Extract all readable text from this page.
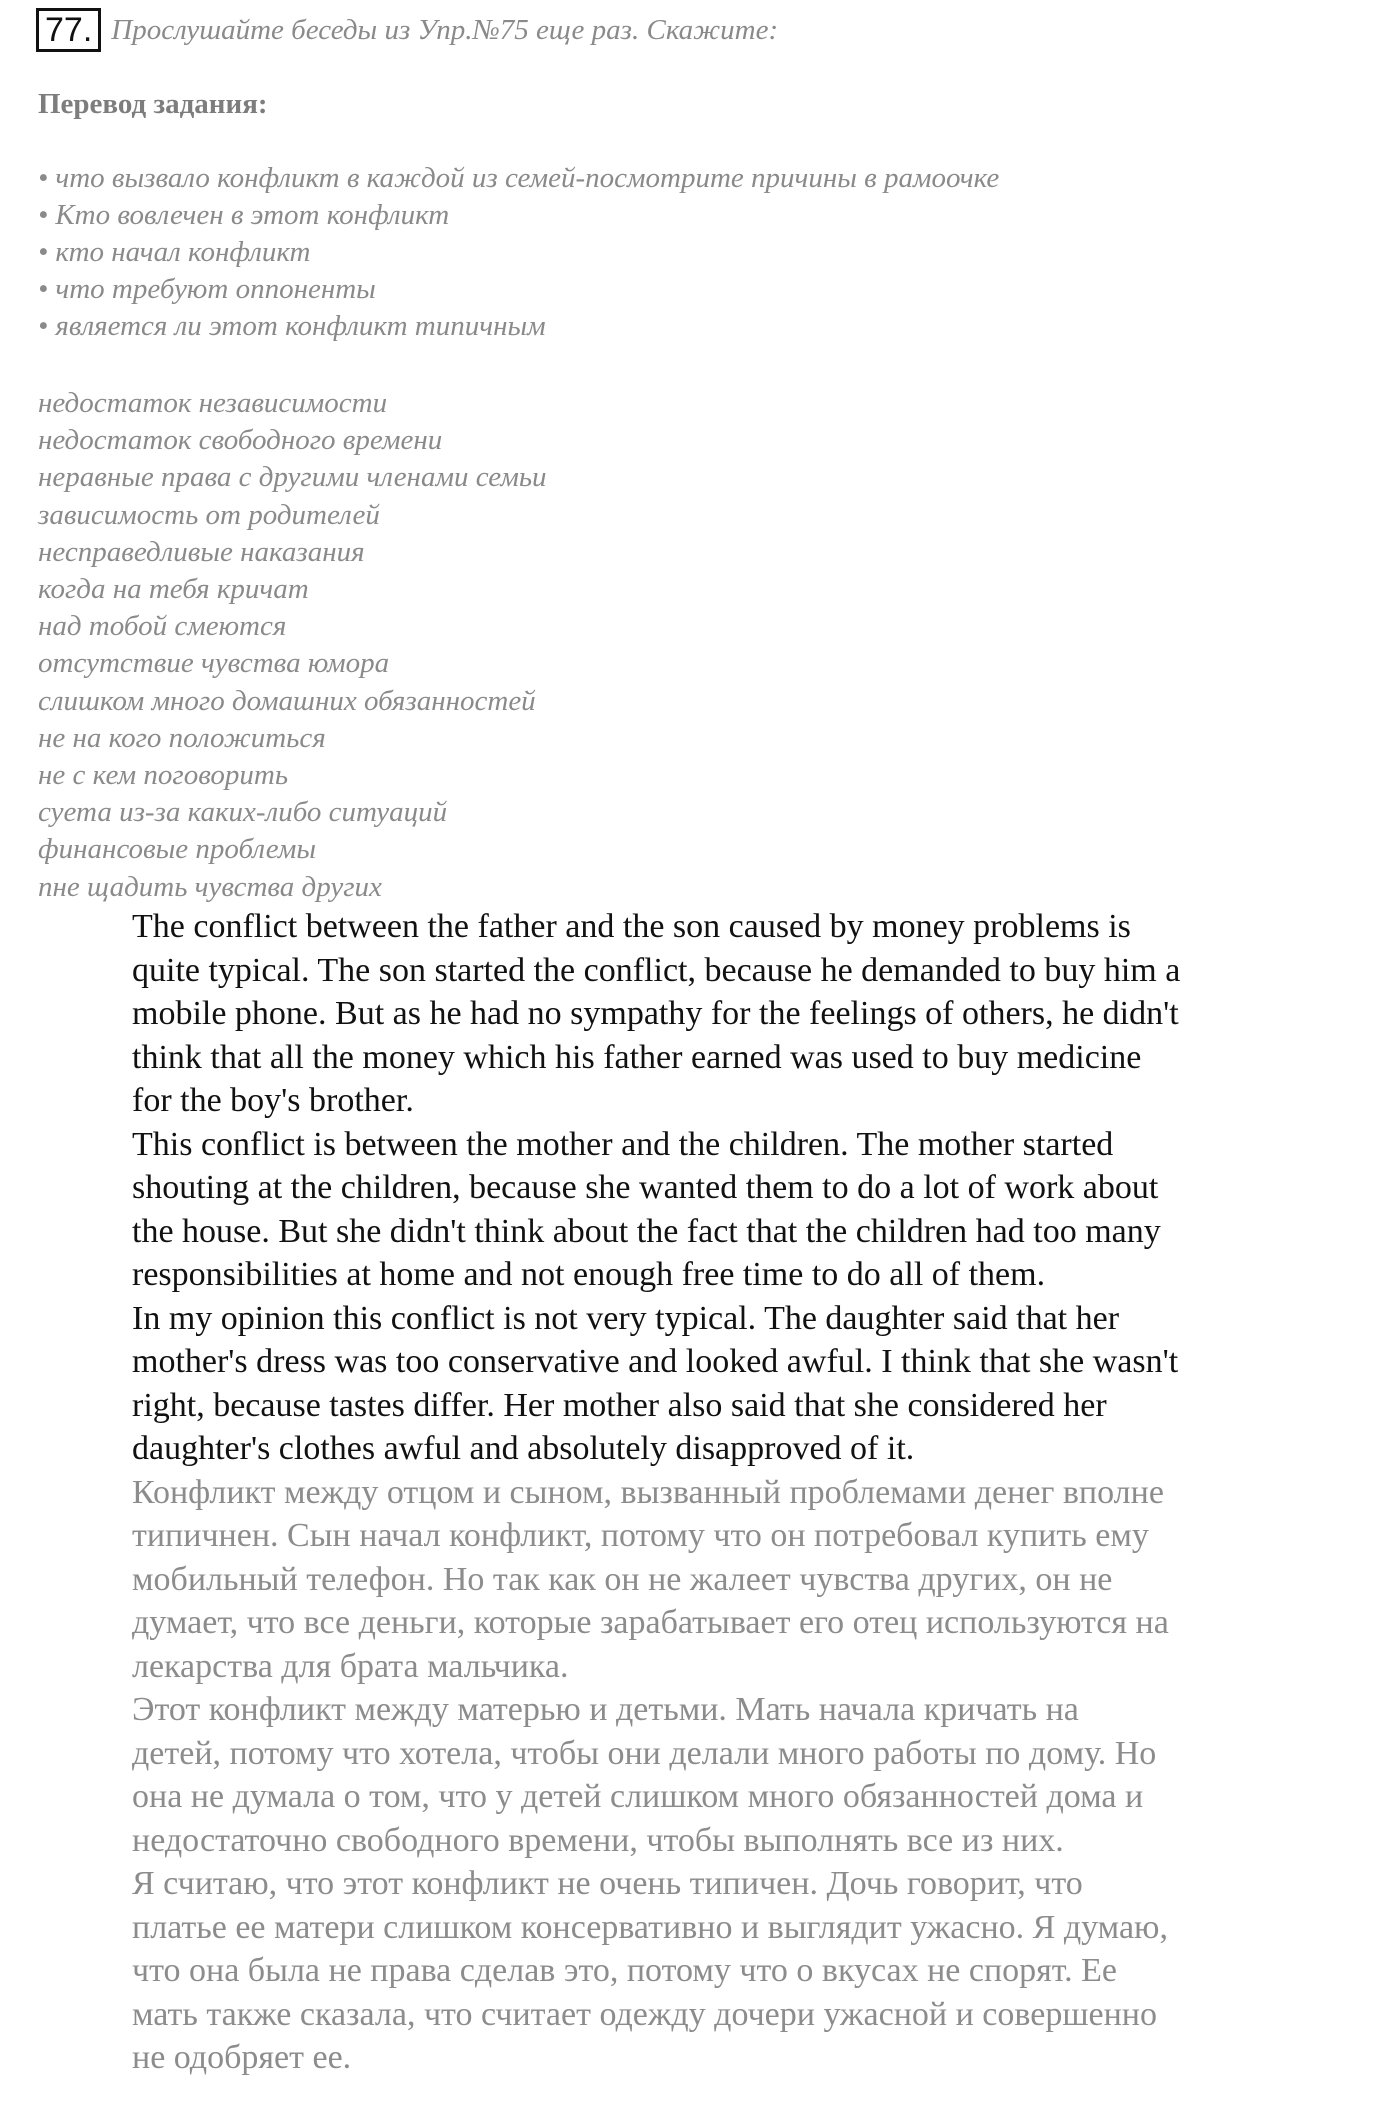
77. Прослушайте беседы из Упр.№75 еще раз. Скажите:
Перевод задания:
• что вызвало конфликт в каждой из семей-посмотрите причины в рамоочке
• Кто вовлечен в этот конфликт
• кто начал конфликт
• что требуют оппоненты
• является ли этот конфликт типичным
недостаток независимости
недостаток свободного времени
неравные права с другими членами семьи
зависимость от родителей
несправедливые наказания
когда на тебя кричат
над тобой смеются
отсутствие чувства юмора
слишком много домашних обязанностей
не на кого положиться
не с кем поговорить
суета из-за каких-либо ситуаций
финансовые проблемы
nне щадить чувства других

The conflict between the father and the son caused by money problems is
quite typical. The son started the conflict, because he demanded to buy him a
mobile phone. But as he had no sympathy for the feelings of others, he didn't
think that all the money which his father earned was used to buy medicine
for the boy's brother.

This conflict is between the mother and the children. The mother started
shouting at the children, because she wanted them to do a lot of work about
the house. But she didn't think about the fact that the children had too many
responsibilities at home and not enough free time to do all of them.

In my opinion this conflict is not very typical. The daughter said that her
mother's dress was too conservative and looked awful. I think that she wasn't
right, because tastes differ. Her mother also said that she considered her
daughter's clothes awful and absolutely disapproved of it.

Конфликт между отцом и сыном, вызванный проблемами денег вполне
типичнен. Сын начал конфликт, потому что он потребовал купить ему
мобильный телефон. Но так как он не жалеет чувства других, он не
думает, что все деньги, которые зарабатывает его отец используются на
лекарства для брата мальчика.

Этот конфликт между матерью и детьми. Мать начала кричать на
детей, потому что хотела, чтобы они делали много работы по дому. Но
она не думала о том, что у детей слишком много обязанностей дома и
недостаточно свободного времени, чтобы выполнять все из них.

Я считаю, что этот конфликт не очень типичен. Дочь говорит, что
платье ее матери слишком консервативно и выглядит ужасно. Я думаю,
что она была не права сделав это, потому что о вкусах не спорят. Ее
мать также сказала, что считает одежду дочери ужасной и совершенно
не одобряет ее.
